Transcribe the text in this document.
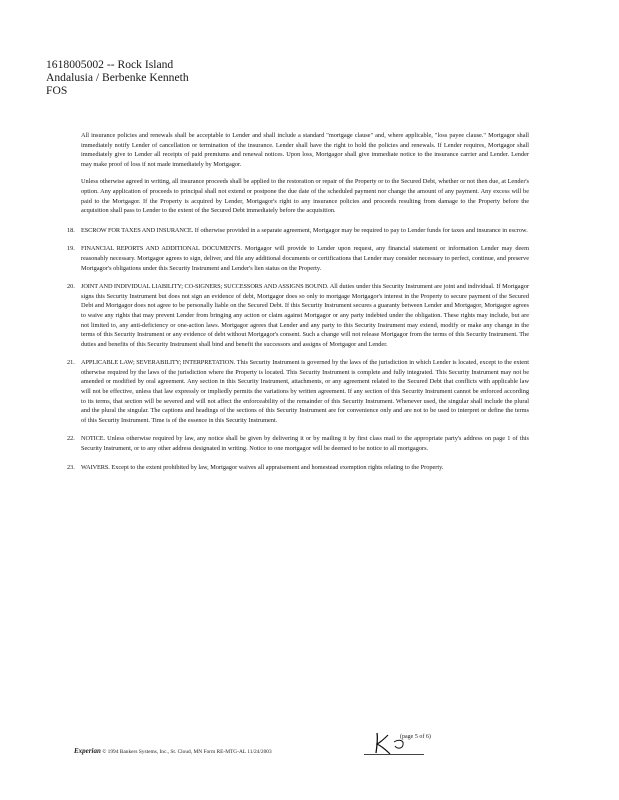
1618005002 -- Rock Island
Andalusia / Berbenke Kenneth
FOS

All insurance policies and renewals shall be acceptable to Lender and shall include a standard "mortgage clause" and, where applicable, "loss payee clause." Mortgagor shall immediately notify Lender of cancellation or termination of the insurance. Lender shall have the right to hold the policies and renewals. If Lender requires, Mortgagor shall immediately give to Lender all receipts of paid premiums and renewal notices. Upon loss, Mortgagor shall give immediate notice to the insurance carrier and Lender. Lender may make proof of loss if not made immediately by Mortgagor.

Unless otherwise agreed in writing, all insurance proceeds shall be applied to the restoration or repair of the Property or to the Secured Debt, whether or not then due, at Lender's option. Any application of proceeds to principal shall not extend or postpone the due date of the scheduled payment nor change the amount of any payment. Any excess will be paid to the Mortgagor. If the Property is acquired by Lender, Mortgagor's right to any insurance policies and proceeds resulting from damage to the Property before the acquisition shall pass to Lender to the extent of the Secured Debt immediately before the acquisition.

18. ESCROW FOR TAXES AND INSURANCE. If otherwise provided in a separate agreement, Mortgagor may be required to pay to Lender funds for taxes and insurance in escrow.
19. FINANCIAL REPORTS AND ADDITIONAL DOCUMENTS. Mortgagor will provide to Lender upon request, any financial statement or information Lender may deem reasonably necessary. Mortgagor agrees to sign, deliver, and file any additional documents or certifications that Lender may consider necessary to perfect, continue, and preserve Mortgagor's obligations under this Security Instrument and Lender's lien status on the Property.
20. JOINT AND INDIVIDUAL LIABILITY; CO-SIGNERS; SUCCESSORS AND ASSIGNS BOUND. All duties under this Security Instrument are joint and individual. If Mortgagor signs this Security Instrument but does not sign an evidence of debt, Mortgagor does so only to mortgage Mortgagor's interest in the Property to secure payment of the Secured Debt and Mortgagor does not agree to be personally liable on the Secured Debt. If this Security Instrument secures a guaranty between Lender and Mortgagor, Mortgagor agrees to waive any rights that may prevent Lender from bringing any action or claim against Mortgagor or any party indebted under the obligation. These rights may include, but are not limited to, any anti-deficiency or one-action laws. Mortgagor agrees that Lender and any party to this Security Instrument may extend, modify or make any change in the terms of this Security Instrument or any evidence of debt without Mortgagor's consent. Such a change will not release Mortgagor from the terms of this Security Instrument. The duties and benefits of this Security Instrument shall bind and benefit the successors and assigns of Mortgagor and Lender.
21. APPLICABLE LAW; SEVERABILITY; INTERPRETATION. This Security Instrument is governed by the laws of the jurisdiction in which Lender is located, except to the extent otherwise required by the laws of the jurisdiction where the Property is located. This Security Instrument is complete and fully integrated. This Security Instrument may not be amended or modified by oral agreement. Any section in this Security Instrument, attachments, or any agreement related to the Secured Debt that conflicts with applicable law will not be effective, unless that law expressly or impliedly permits the variations by written agreement. If any section of this Security Instrument cannot be enforced according to its terms, that section will be severed and will not affect the enforceability of the remainder of this Security Instrument. Whenever used, the singular shall include the plural and the plural the singular. The captions and headings of the sections of this Security Instrument are for convenience only and are not to be used to interpret or define the terms of this Security Instrument. Time is of the essence in this Security Instrument.
22. NOTICE. Unless otherwise required by law, any notice shall be given by delivering it or by mailing it by first class mail to the appropriate party's address on page 1 of this Security Instrument, or to any other address designated in writing. Notice to one mortgagor will be deemed to be notice to all mortgagors.
23. WAIVERS. Except to the extent prohibited by law, Mortgagor waives all appraisement and homestead exemption rights relating to the Property.
Experian © 1994 Bankers Systems, Inc., St. Cloud, MN Form RE-MTG-AL 11/24/2003
(page 5 of 6)
